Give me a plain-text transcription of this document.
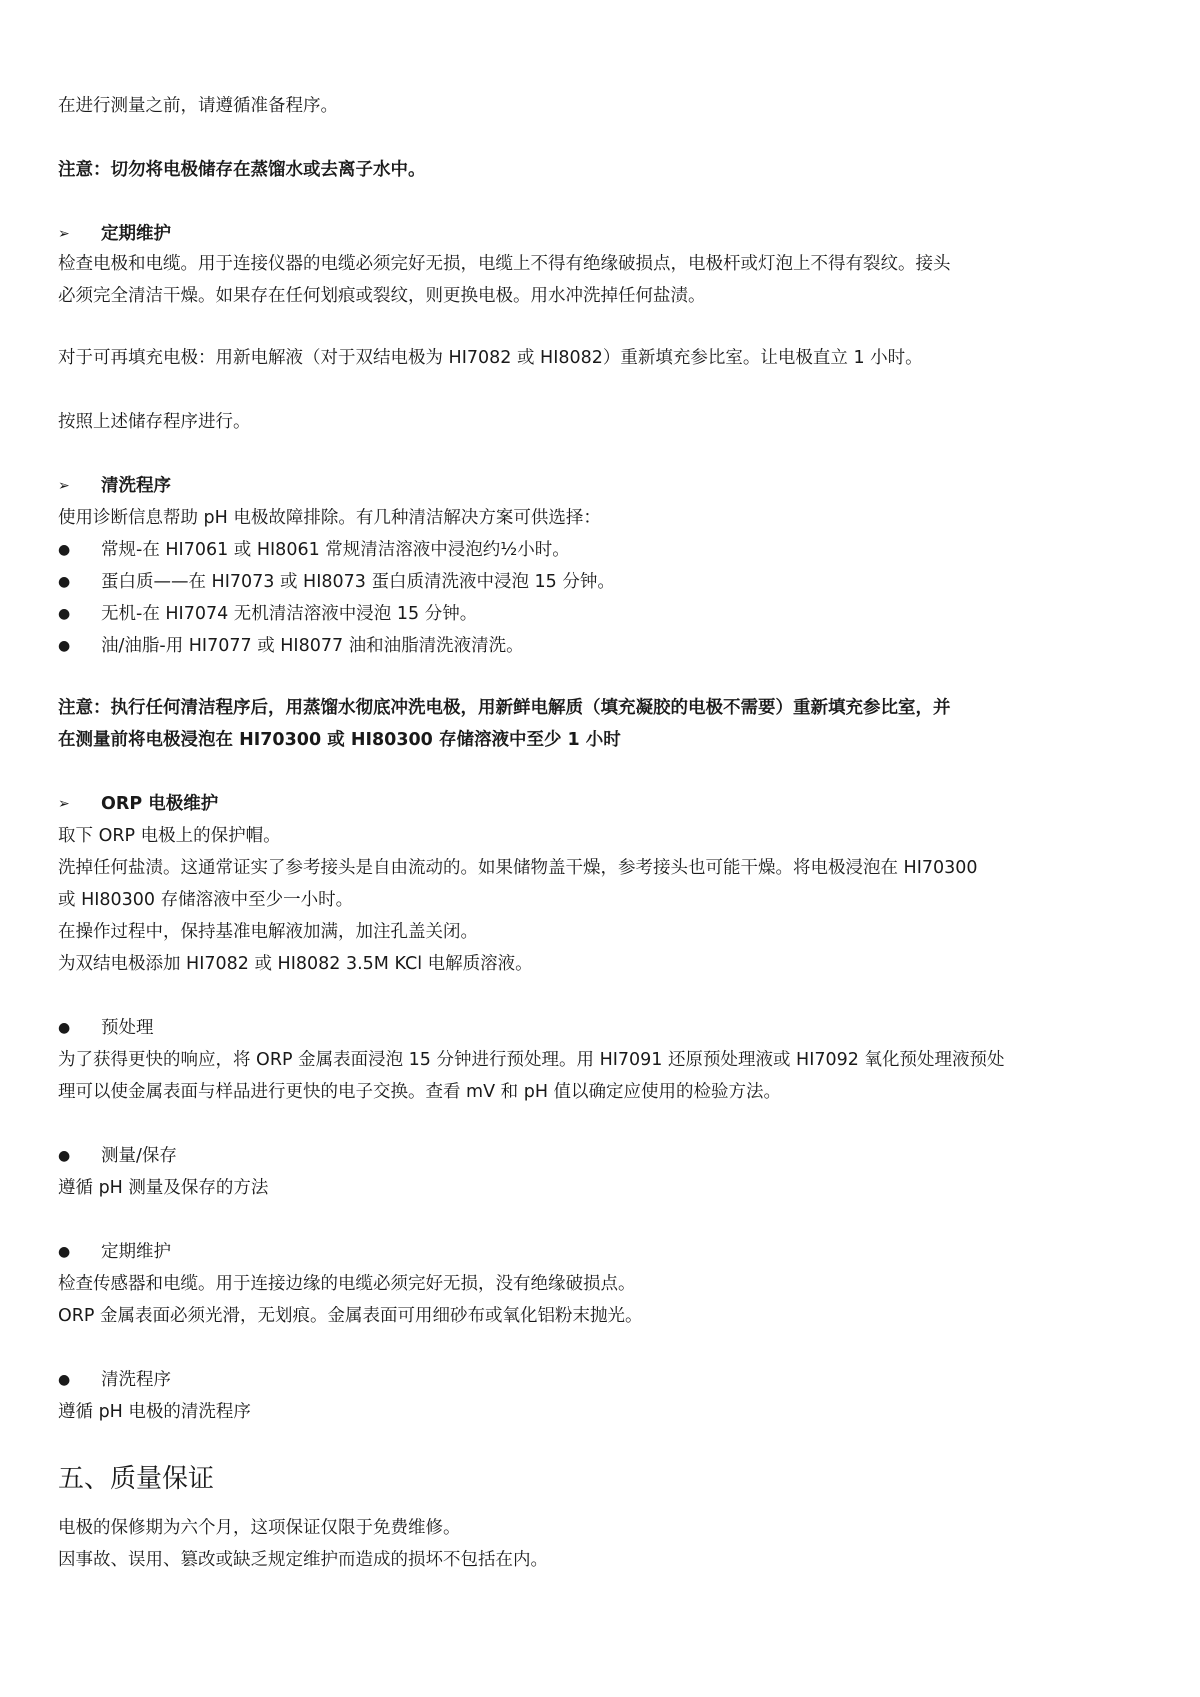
在进行测量之前，请遵循准备程序。
注意：切勿将电极储存在蒸馏水或去离子水中。
➢	定期维护
检查电极和电缆。用于连接仪器的电缆必须完好无损，电缆上不得有绝缘破损点，电极杆或灯泡上不得有裂纹。接头
必须完全清洁干燥。如果存在任何划痕或裂纹，则更换电极。用水冲洗掉任何盐渍。
对于可再填充电极：用新电解液（对于双结电极为 HI7082 或 HI8082）重新填充参比室。让电极直立 1 小时。
按照上述储存程序进行。
➢	清洗程序
使用诊断信息帮助 pH 电极故障排除。有几种清洁解决方案可供选择：
●	常规-在 HI7061 或 HI8061 常规清洁溶液中浸泡约½小时。
●	蛋白质——在 HI7073 或 HI8073 蛋白质清洗液中浸泡 15 分钟。
●	无机-在 HI7074 无机清洁溶液中浸泡 15 分钟。
●	油/油脂-用 HI7077 或 HI8077 油和油脂清洗液清洗。
注意：执行任何清洁程序后，用蒸馏水彻底冲洗电极，用新鲜电解质（填充凝胶的电极不需要）重新填充参比室，并
在测量前将电极浸泡在 HI70300 或 HI80300 存储溶液中至少 1 小时
➢	ORP 电极维护
取下 ORP 电极上的保护帽。
洗掉任何盐渍。这通常证实了参考接头是自由流动的。如果储物盖干燥，参考接头也可能干燥。将电极浸泡在 HI70300
或 HI80300 存储溶液中至少一小时。
在操作过程中，保持基准电解液加满，加注孔盖关闭。
为双结电极添加 HI7082 或 HI8082 3.5M KCl 电解质溶液。
●	预处理
为了获得更快的响应，将 ORP 金属表面浸泡 15 分钟进行预处理。用 HI7091 还原预处理液或 HI7092 氧化预处理液预处
理可以使金属表面与样品进行更快的电子交换。查看 mV 和 pH 值以确定应使用的检验方法。
●	测量/保存
遵循 pH 测量及保存的方法
●	定期维护
检查传感器和电缆。用于连接边缘的电缆必须完好无损，没有绝缘破损点。
ORP 金属表面必须光滑，无划痕。金属表面可用细砂布或氧化铝粉末抛光。
●	清洗程序
遵循 pH 电极的清洗程序
五、质量保证
电极的保修期为六个月，这项保证仅限于免费维修。
因事故、误用、篡改或缺乏规定维护而造成的损坏不包括在内。
